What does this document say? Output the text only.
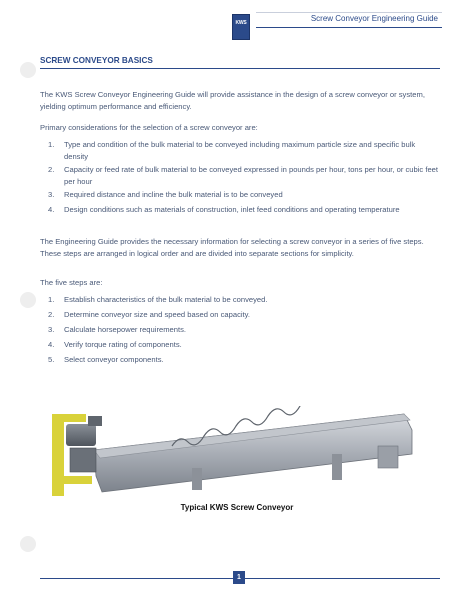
KWS	Screw Conveyor Engineering Guide
SCREW CONVEYOR BASICS
The KWS Screw Conveyor Engineering Guide will provide assistance in the design of a screw conveyor or system, yielding optimum performance and efficiency.
Primary considerations for the selection of a screw conveyor are:
1. Type and condition of the bulk material to be conveyed including maximum particle size and specific bulk density
2. Capacity or feed rate of bulk material to be conveyed expressed in pounds per hour, tons per hour, or cubic feet per hour
3. Required distance and incline the bulk material is to be conveyed
4. Design conditions such as materials of construction, inlet feed conditions and operating temperature
The Engineering Guide provides the necessary information for selecting a screw conveyor in a series of five steps. These steps are arranged in logical order and are divided into separate sections for simplicity.
The five steps are:
1. Establish characteristics of the bulk material to be conveyed.
2. Determine conveyor size and speed based on capacity.
3. Calculate horsepower requirements.
4. Verify torque rating of components.
5. Select conveyor components.
Typical KWS Screw Conveyor
1
